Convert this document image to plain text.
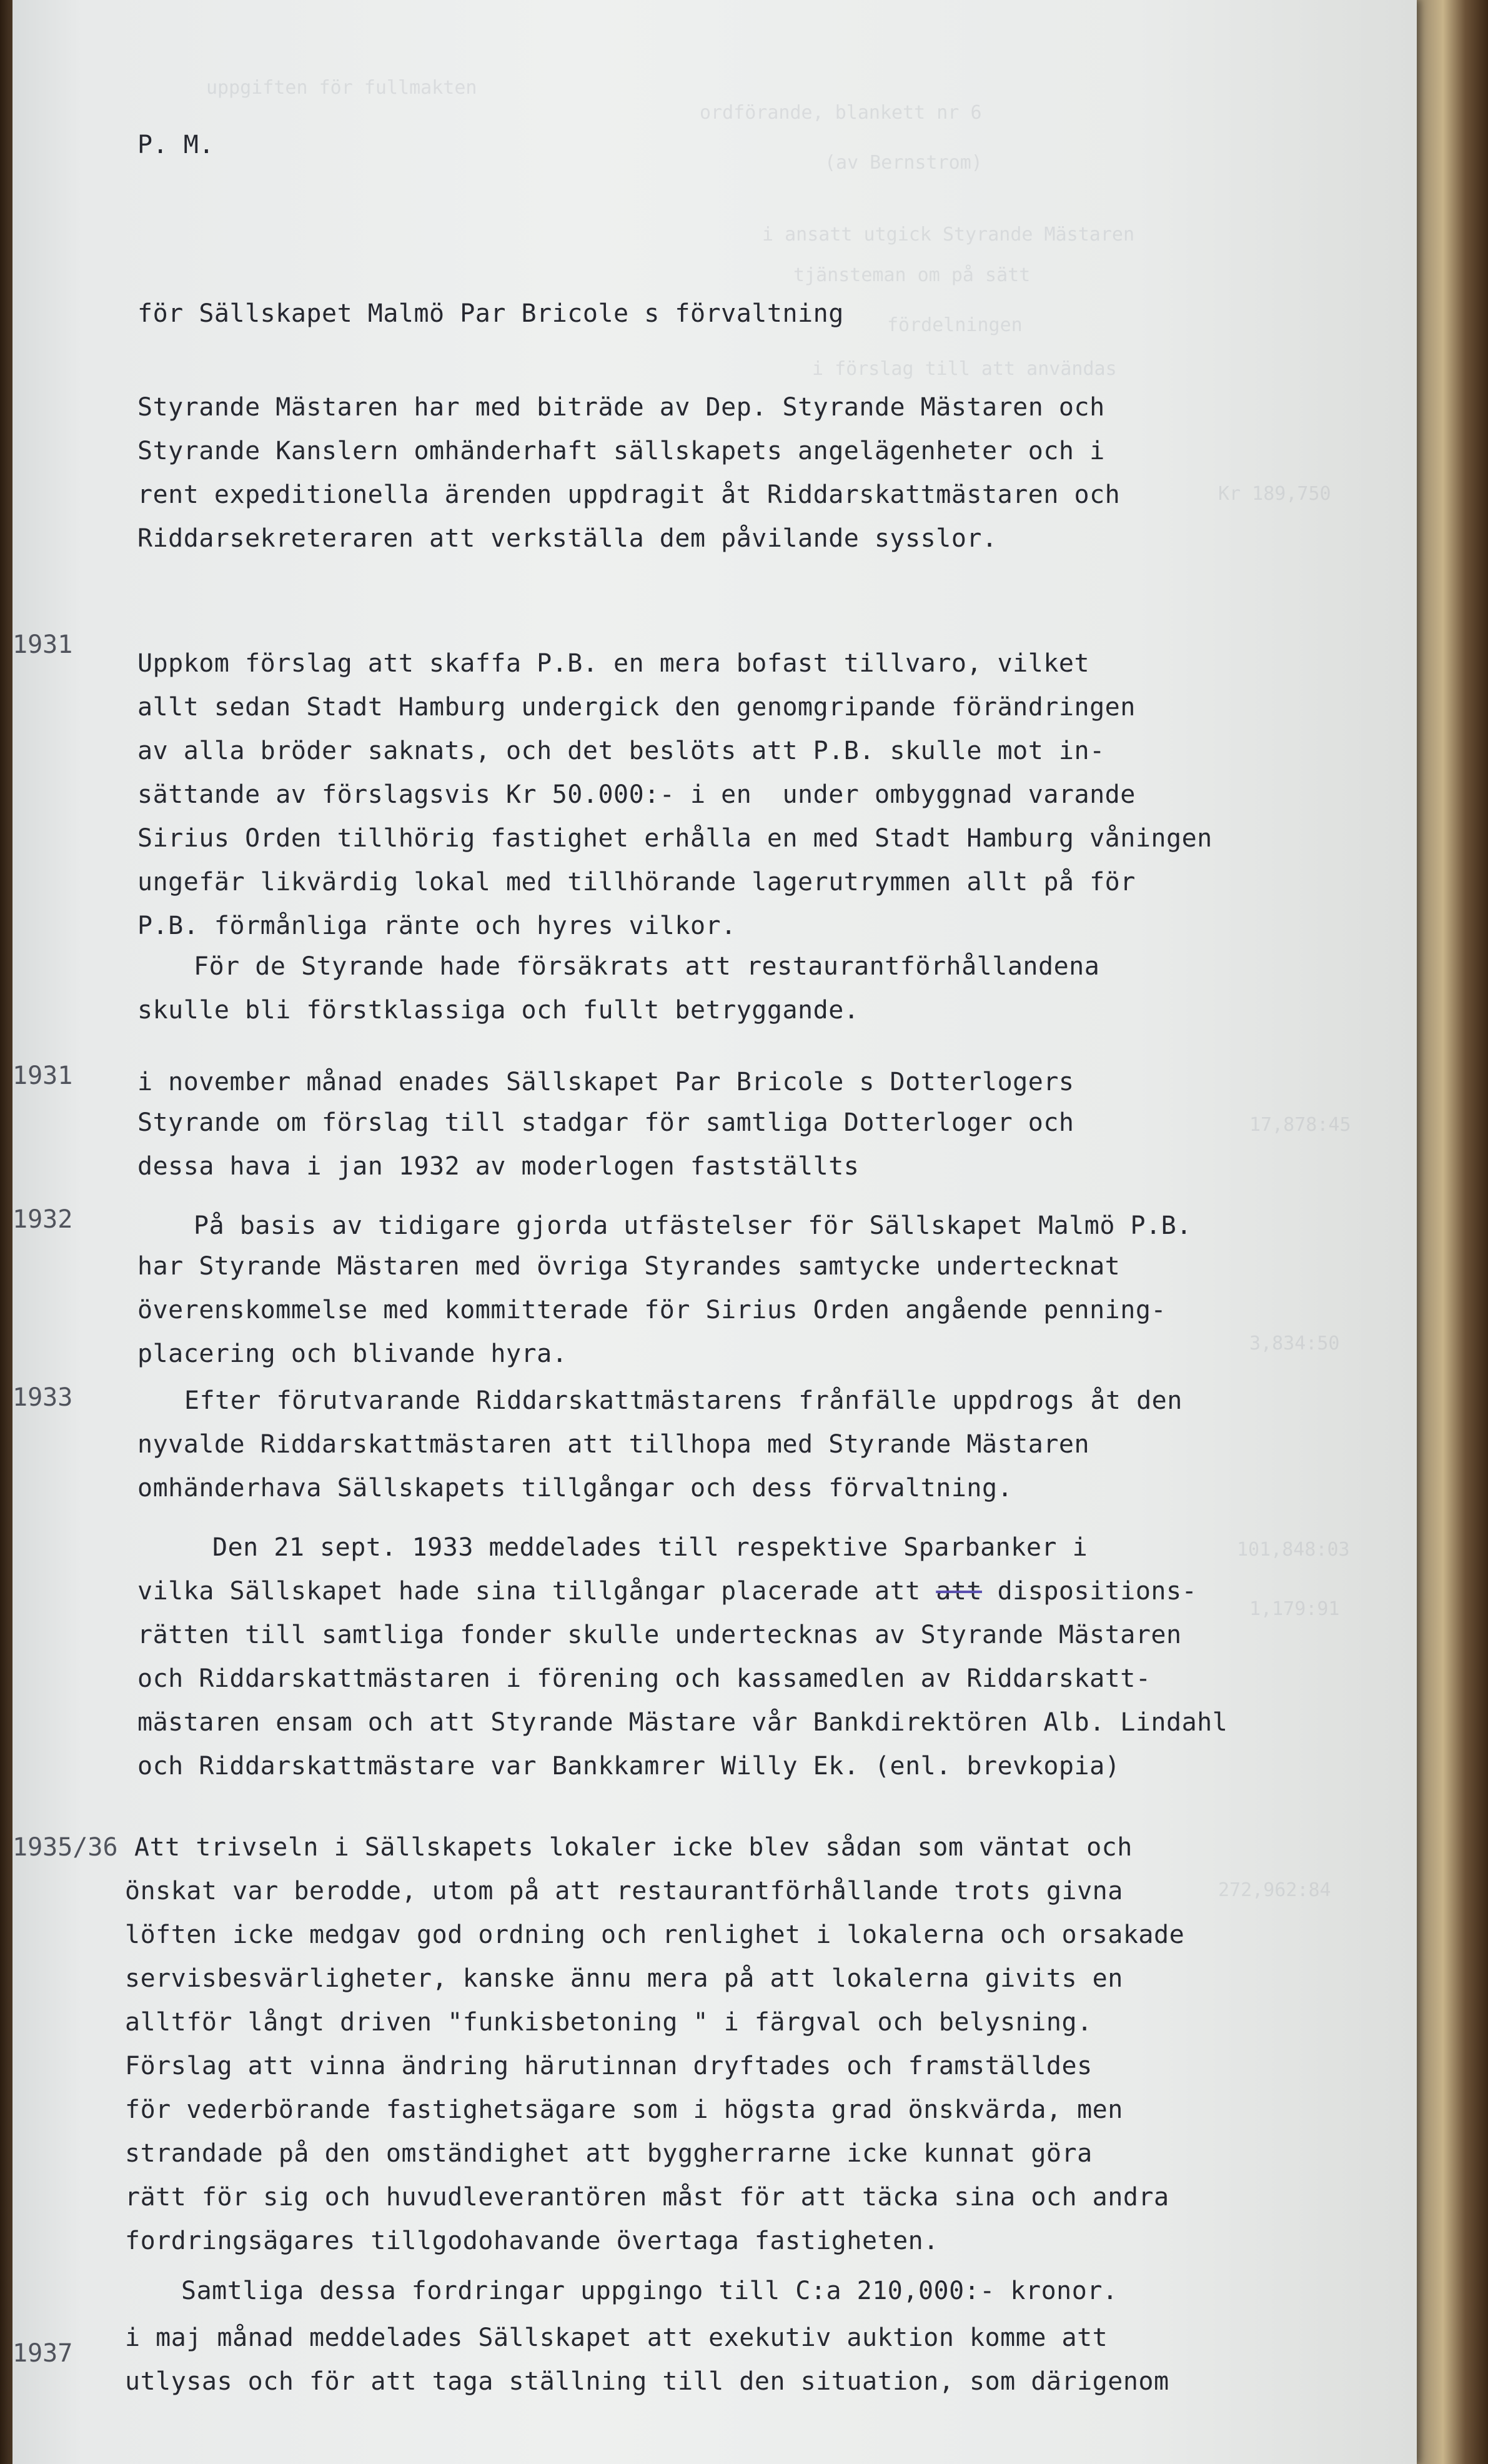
uppgiften för fullmakten
ordförande, blankett nr 6
(av Bernstrom)
i ansatt utgick Styrande Mästaren
tjänsteman om på sätt
fördelningen
i förslag till att användas
Kr 189,750
17,878:45
3,834:50
101,848:03
1,179:91
272,962:84
P. M.
för Sällskapet Malmö Par Bricole s förvaltning
Styrande Mästaren har med biträde av Dep. Styrande Mästaren och
Styrande Kanslern omhänderhaft sällskapets angelägenheter och i
rent expeditionella ärenden uppdragit åt Riddarskattmästaren och
Riddarsekreteraren att verkställa dem påvilande sysslor.
1931
Uppkom förslag att skaffa P.B. en mera bofast tillvaro, vilket
allt sedan Stadt Hamburg undergick den genomgripande förändringen
av alla bröder saknats, och det beslöts att P.B. skulle mot in-
sättande av förslagsvis Kr 50.000:- i en  under ombyggnad varande
Sirius Orden tillhörig fastighet erhålla en med Stadt Hamburg våningen
ungefär likvärdig lokal med tillhörande lagerutrymmen allt på för
P.B. förmånliga ränte och hyres vilkor.
För de Styrande hade försäkrats att restaurantförhållandena
skulle bli förstklassiga och fullt betryggande.
1931	i november månad enades Sällskapet Par Bricole s Dotterlogers
Styrande om förslag till stadgar för samtliga Dotterloger och
dessa hava i jan 1932 av moderlogen fastställts
1932	På basis av tidigare gjorda utfästelser för Sällskapet Malmö P.B.
har Styrande Mästaren med övriga Styrandes samtycke undertecknat
överenskommelse med kommitterade för Sirius Orden angående penning-
placering och blivande hyra.
1933	Efter förutvarande Riddarskattmästarens frånfälle uppdrogs åt den
nyvalde Riddarskattmästaren att tillhopa med Styrande Mästaren
omhänderhava Sällskapets tillgångar och dess förvaltning.
Den 21 sept. 1933 meddelades till respektive Sparbanker i
vilka Sällskapet hade sina tillgångar placerade att att dispositions-
rätten till samtliga fonder skulle undertecknas av Styrande Mästaren
och Riddarskattmästaren i förening och kassamedlen av Riddarskatt-
mästaren ensam och att Styrande Mästare vår Bankdirektören Alb. Lindahl
och Riddarskattmästare var Bankkamrer Willy Ek. (enl. brevkopia)
1935/36 Att trivseln i Sällskapets lokaler icke blev sådan som väntat och
önskat var berodde, utom på att restaurantförhållande trots givna
löften icke medgav god ordning och renlighet i lokalerna och orsakade
servisbesvärligheter, kanske ännu mera på att lokalerna givits en
alltför långt driven "funkisbetoning " i färgval och belysning.
Förslag att vinna ändring härutinnan dryftades och framställdes
för vederbörande fastighetsägare som i högsta grad önskvärda, men
strandade på den omständighet att byggherrarne icke kunnat göra
rätt för sig och huvudleverantören måst för att täcka sina och andra
fordringsägares tillgodohavande övertaga fastigheten.
Samtliga dessa fordringar uppgingo till C:a 210,000:- kronor.
1937
i maj månad meddelades Sällskapet att exekutiv auktion komme att
utlysas och för att taga ställning till den situation, som därigenom
